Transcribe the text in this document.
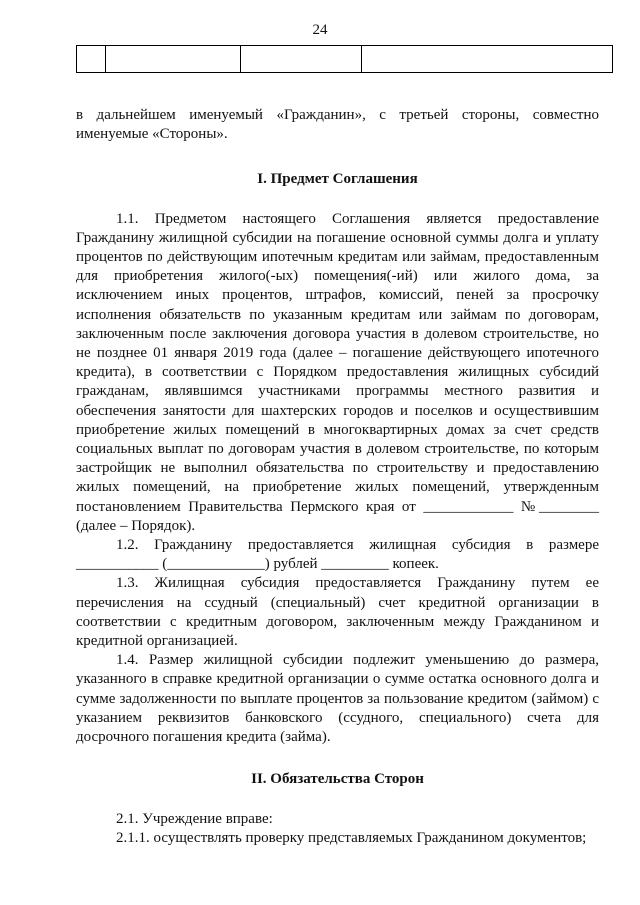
24

в дальнейшем именуемый «Гражданин», с третьей стороны, совместно именуемые «Стороны».

I. Предмет Соглашения

1.1. Предметом настоящего Соглашения является предоставление Гражданину жилищной субсидии на погашение основной суммы долга и уплату процентов по действующим ипотечным кредитам или займам, предоставленным для приобретения жилого(-ых) помещения(-ий) или жилого дома, за исключением иных процентов, штрафов, комиссий, пеней за просрочку исполнения обязательств по указанным кредитам или займам по договорам, заключенным после заключения договора участия в долевом строительстве, но не позднее 01 января 2019 года (далее – погашение действующего ипотечного кредита), в соответствии с Порядком предоставления жилищных субсидий гражданам, являвшимся участниками программы местного развития и обеспечения занятости для шахтерских городов и поселков и осуществившим приобретение жилых помещений в многоквартирных домах за счет средств социальных выплат по договорам участия в долевом строительстве, по которым застройщик не выполнил обязательства по строительству и предоставлению жилых помещений, на приобретение жилых помещений, утвержденным постановлением Правительства Пермского края от ____________ №________ (далее – Порядок).

1.2. Гражданину предоставляется жилищная субсидия в размере ___________ (_____________) рублей _________ копеек.

1.3. Жилищная субсидия предоставляется Гражданину путем ее перечисления на ссудный (специальный) счет кредитной организации в соответствии с кредитным договором, заключенным между Гражданином и кредитной организацией.

1.4. Размер жилищной субсидии подлежит уменьшению до размера, указанного в справке кредитной организации о сумме остатка основного долга и сумме задолженности по выплате процентов за пользование кредитом (займом) с указанием реквизитов банковского (ссудного, специального) счета для досрочного погашения кредита (займа).

II. Обязательства Сторон

2.1. Учреждение вправе:

2.1.1. осуществлять проверку представляемых Гражданином документов;
